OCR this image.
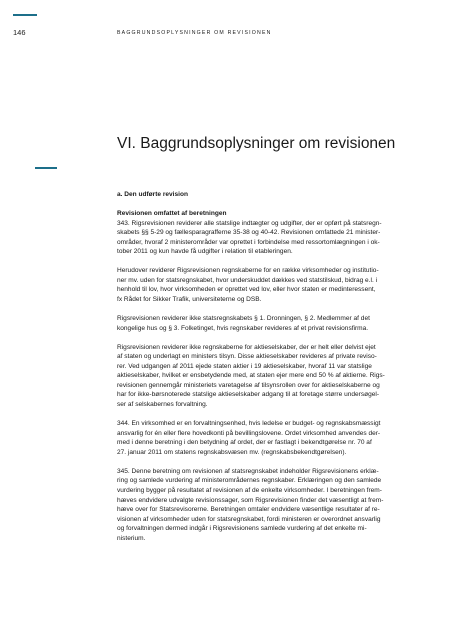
146	BAGGRUNDSOPLYSNINGER OM REVISIONEN
VI. Baggrundsoplysninger om revisionen

a. Den udførte revision

Revisionen omfattet af beretningen

343. Rigsrevisionen reviderer alle statslige indtægter og udgifter, der er opført på statsregn-
skabets §§ 5-29 og fællesparagrafferne 35-38 og 40-42. Revisionen omfattede 21 minister-
områder, hvoraf 2 ministerområder var oprettet i forbindelse med ressortomlægningen i ok-
tober 2011 og kun havde få udgifter i relation til etableringen.

Herudover reviderer Rigsrevisionen regnskaberne for en række virksomheder og institutio-
ner mv. uden for statsregnskabet, hvor underskuddet dækkes ved statstilskud, bidrag e.l. i
henhold til lov, hvor virksomheden er oprettet ved lov, eller hvor staten er medinteressent,
fx Rådet for Sikker Trafik, universiteterne og DSB.

Rigsrevisionen reviderer ikke statsregnskabets § 1. Dronningen, § 2. Medlemmer af det
kongelige hus og § 3. Folketinget, hvis regnskaber revideres af et privat revisionsfirma.

Rigsrevisionen reviderer ikke regnskaberne for aktieselskaber, der er helt eller delvist ejet
af staten og underlagt en ministers tilsyn. Disse aktieselskaber revideres af private reviso-
rer. Ved udgangen af 2011 ejede staten aktier i 19 aktieselskaber, hvoraf 11 var statslige
aktieselskaber, hvilket er ensbetydende med, at staten ejer mere end 50 % af aktierne. Rigs-
revisionen gennemgår ministeriets varetagelse af tilsynsrollen over for aktieselskaberne og
har for ikke-børsnoterede statslige aktieselskaber adgang til at foretage større undersøgel-
ser af selskabernes forvaltning.

344. En virksomhed er en forvaltningsenhed, hvis ledelse er budget- og regnskabsmæssigt
ansvarlig for én eller flere hovedkonti på bevillingslovene. Ordet virksomhed anvendes der-
med i denne beretning i den betydning af ordet, der er fastlagt i bekendtgørelse nr. 70 af
27. januar 2011 om statens regnskabsvæsen mv. (regnskabsbekendtgørelsen).

345. Denne beretning om revisionen af statsregnskabet indeholder Rigsrevisionens erklæ-
ring og samlede vurdering af ministerområdernes regnskaber. Erklæringen og den samlede
vurdering bygger på resultatet af revisionen af de enkelte virksomheder. I beretningen frem-
hæves endvidere udvalgte revisionssager, som Rigsrevisionen finder det væsentligt at frem-
hæve over for Statsrevisorerne. Beretningen omtaler endvidere væsentlige resultater af re-
visionen af virksomheder uden for statsregnskabet, fordi ministeren er overordnet ansvarlig
og forvaltningen dermed indgår i Rigsrevisionens samlede vurdering af det enkelte mi-
nisterium.
